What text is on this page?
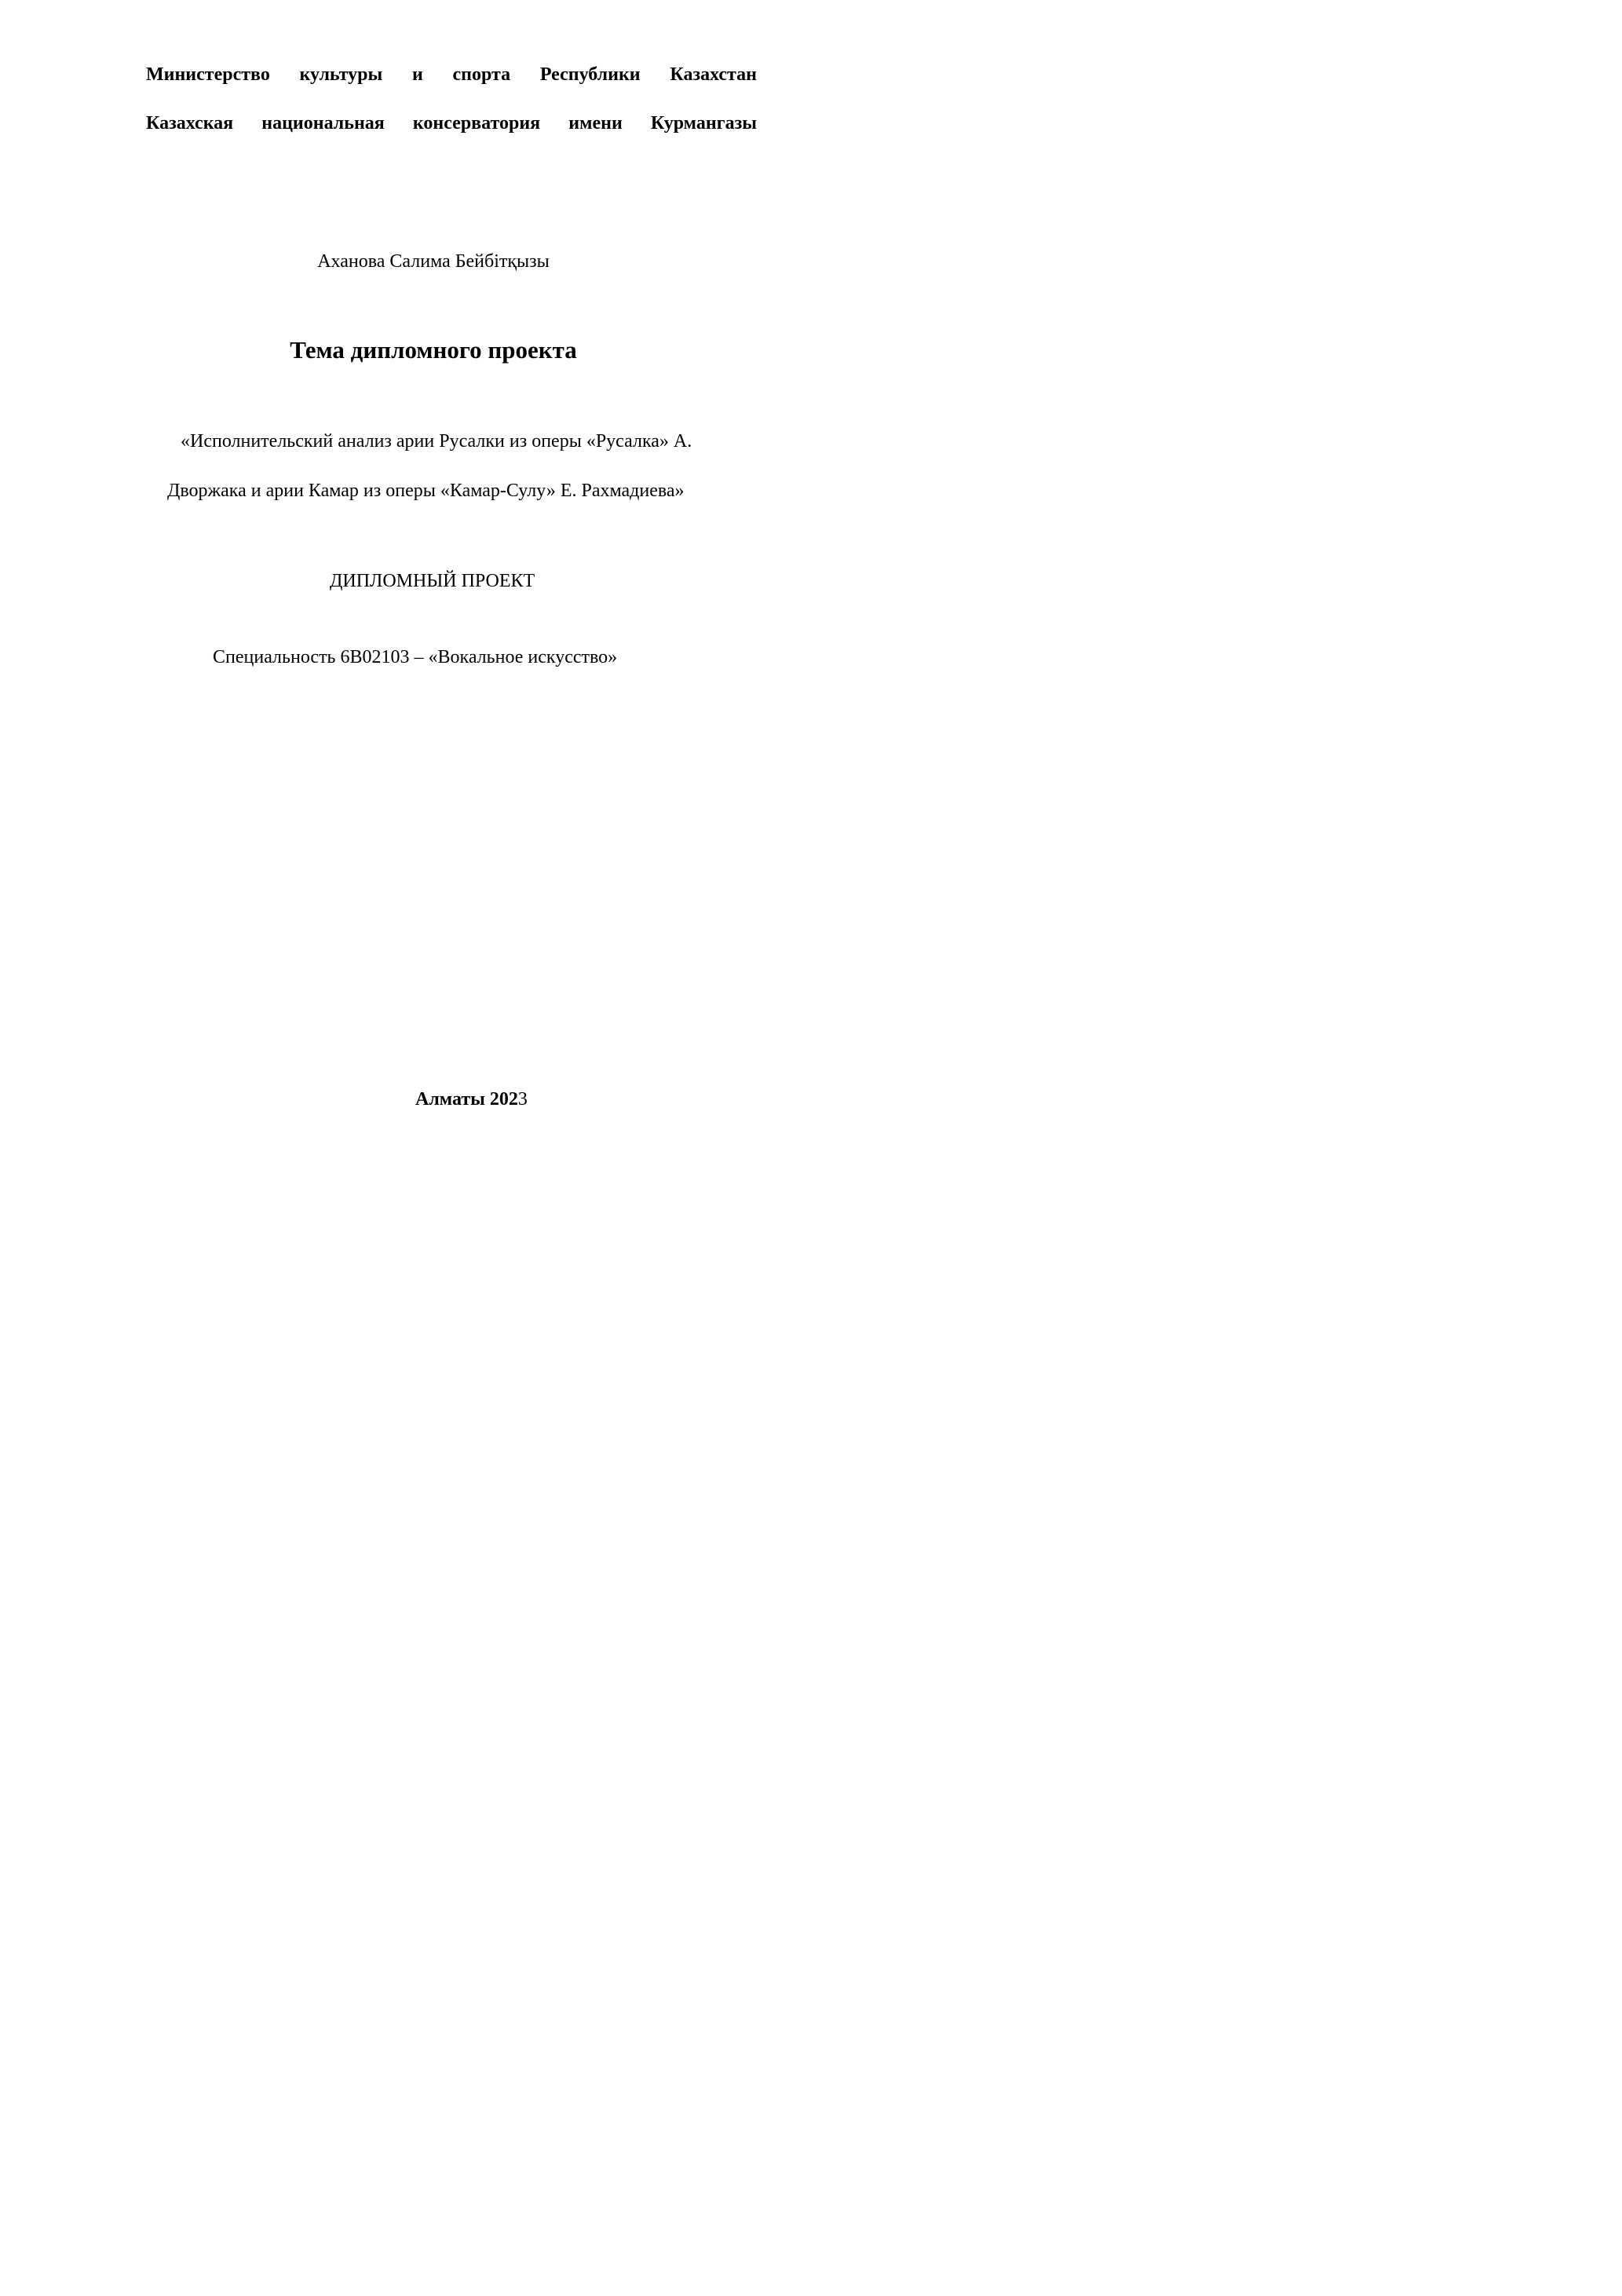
Министерство культуры и спорта Республики Казахстан
Казахская национальная консерватория имени Курмангазы
Аханова Салима Бейбітқызы
Тема дипломного проекта
«Исполнительский анализ арии Русалки из оперы «Русалка» А.
Дворжака и арии Камар из оперы «Камар-Сулу» Е. Рахмадиева»
ДИПЛОМНЫЙ ПРОЕКТ
Специальность 6В02103 – «Вокальное искусство»
Алматы 2023
